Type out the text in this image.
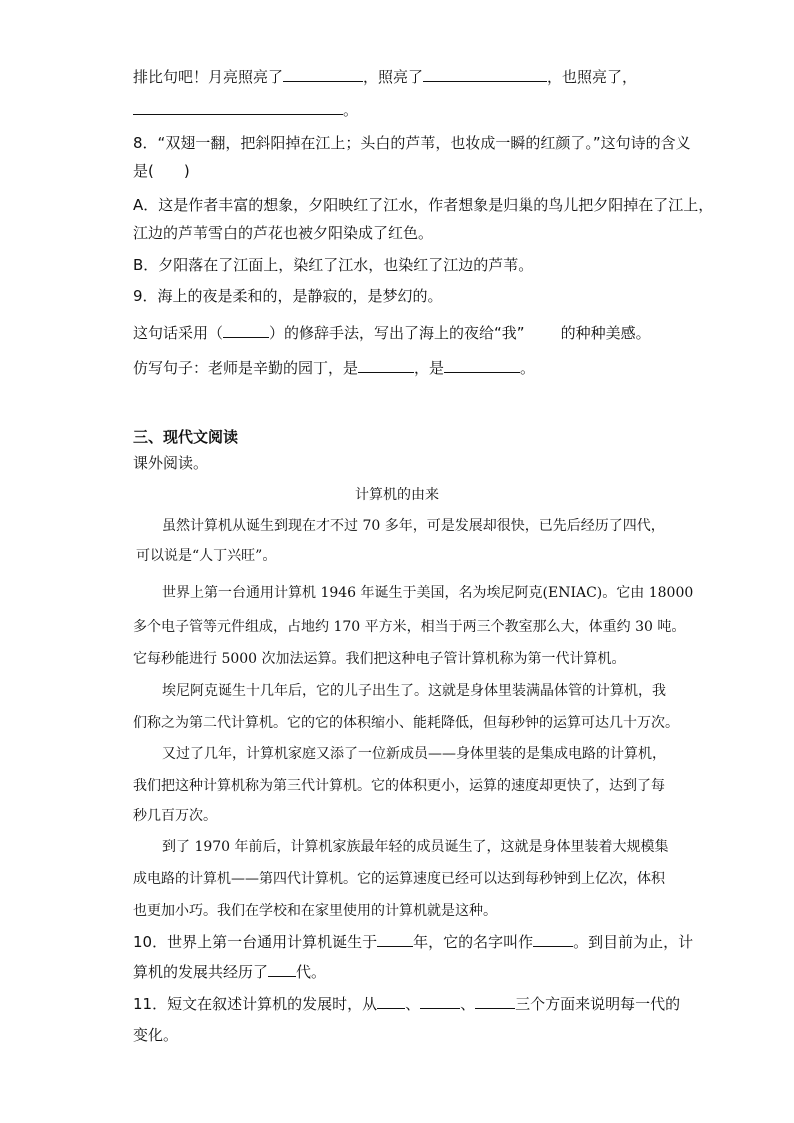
排比句吧！月亮照亮了	，照亮了	，也照亮了，
。
8．“双翅一翻，把斜阳掉在江上；头白的芦苇，也妆成一瞬的红颜了。”这句诗的含义
是(　　)
A．这是作者丰富的想象，夕阳映红了江水，作者想象是归巢的鸟儿把夕阳掉在了江上，
江边的芦苇雪白的芦花也被夕阳染成了红色。
B．夕阳落在了江面上，染红了江水，也染红了江边的芦苇。
9．海上的夜是柔和的，是静寂的，是梦幻的。
这句话采用（	）的修辞手法，写出了海上的夜给“我” 的种种美感。
仿写句子：老师是辛勤的园丁，是	，是	。
三、现代文阅读
课外阅读。
计算机的由来
虽然计算机从诞生到现在才不过 70 多年，可是发展却很快，已先后经历了四代，
可以说是“人丁兴旺”。
世界上第一台通用计算机 1946 年诞生于美国，名为埃尼阿克(ENIAC)。它由 18000
多个电子管等元件组成，占地约 170 平方米，相当于两三个教室那么大，体重约 30 吨。
它每秒能进行 5000 次加法运算。我们把这种电子管计算机称为第一代计算机。
埃尼阿克诞生十几年后，它的儿子出生了。这就是身体里装满晶体管的计算机，我
们称之为第二代计算机。它的它的体积缩小、能耗降低，但每秒钟的运算可达几十万次。
又过了几年，计算机家庭又添了一位新成员——身体里装的是集成电路的计算机，
我们把这种计算机称为第三代计算机。它的体积更小，运算的速度却更快了，达到了每
秒几百万次。
到了 1970 年前后，计算机家族最年轻的成员诞生了，这就是身体里装着大规模集
成电路的计算机——第四代计算机。它的运算速度已经可以达到每秒钟到上亿次，体积
也更加小巧。我们在学校和在家里使用的计算机就是这种。
10．世界上第一台通用计算机诞生于 年，它的名字叫作	。到目前为止，计
算机的发展共经历了 代。
11．短文在叙述计算机的发展时，从 、	、	三个方面来说明每一代的
变化。
